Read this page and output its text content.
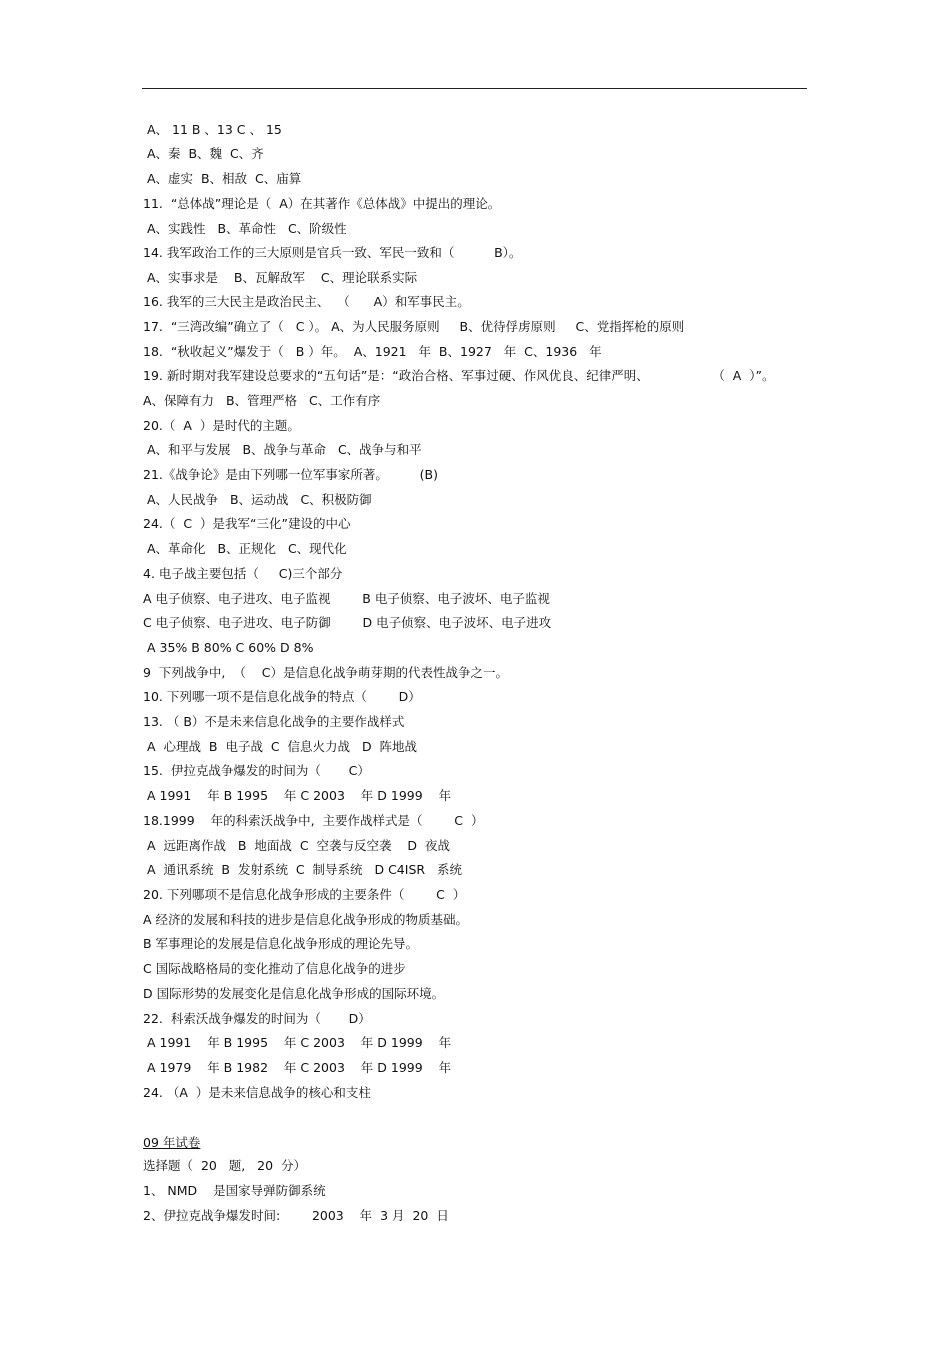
A、 11 B 、13 C 、 15
A、秦  B、魏  C、齐
A、虚实  B、相敌  C、庙算
11.  “总体战”理论是（  A）在其著作《总体战》中提出的理论。
A、实践性   B、革命性   C、阶级性
14. 我军政治工作的三大原则是官兵一致、军民一致和（          B）。
A、实事求是    B、瓦解敌军    C、理论联系实际
16. 我军的三大民主是政治民主、  （      A）和军事民主。
17.  “三湾改编”确立了（   C ）。 A、为人民服务原则     B、优待俘虏原则     C、党指挥枪的原则
18.  “秋收起义”爆发于（   B ）年。  A、1921   年  B、1927   年  C、1936   年
19. 新时期对我军建设总要求的“五句话”是：“政治合格、军事过硬、作风优良、纪律严明、                （  A  ）”。
A、保障有力   B、管理严格   C、工作有序
20.（  A  ）是时代的主题。
A、和平与发展   B、战争与革命   C、战争与和平
21.《战争论》是由下列哪一位军事家所著。        (B)
A、人民战争   B、运动战   C、积极防御
24.（  C  ）是我军“三化”建设的中心
A、革命化   B、正规化   C、现代化
4. 电子战主要包括（     C)三个部分
A 电子侦察、电子进攻、电子监视        B 电子侦察、电子波坏、电子监视
C 电子侦察、电子进攻、电子防御        D 电子侦察、电子波坏、电子进攻
A 35% B 80% C 60% D 8%
9  下列战争中,  （    C）是信息化战争萌芽期的代表性战争之一。
10. 下列哪一项不是信息化战争的特点（        D）
13. （ B）不是未来信息化战争的主要作战样式
A  心理战  B  电子战  C  信息火力战   D  阵地战
15.  伊拉克战争爆发的时间为（       C）
A 1991    年 B 1995    年 C 2003    年 D 1999    年
18.1999    年的科索沃战争中,  主要作战样式是（        C  ）
A  远距离作战   B  地面战  C  空袭与反空袭    D  夜战
A  通讯系统  B  发射系统  C  制导系统   D C4ISR   系统
20. 下列哪项不是信息化战争形成的主要条件（        C  ）
A 经济的发展和科技的进步是信息化战争形成的物质基础。
B 军事理论的发展是信息化战争形成的理论先导。
C 国际战略格局的变化推动了信息化战争的进步
D 国际形势的发展变化是信息化战争形成的国际环境。
22.  科索沃战争爆发的时间为（       D）
A 1991    年 B 1995    年 C 2003    年 D 1999    年
A 1979    年 B 1982    年 C 2003    年 D 1999    年
24. （A  ）是未来信息战争的核心和支柱
09 年试卷
选择题（  20   题,   20  分）
1、 NMD    是国家导弹防御系统
2、伊拉克战争爆发时间:        2003    年  3 月  20  日
